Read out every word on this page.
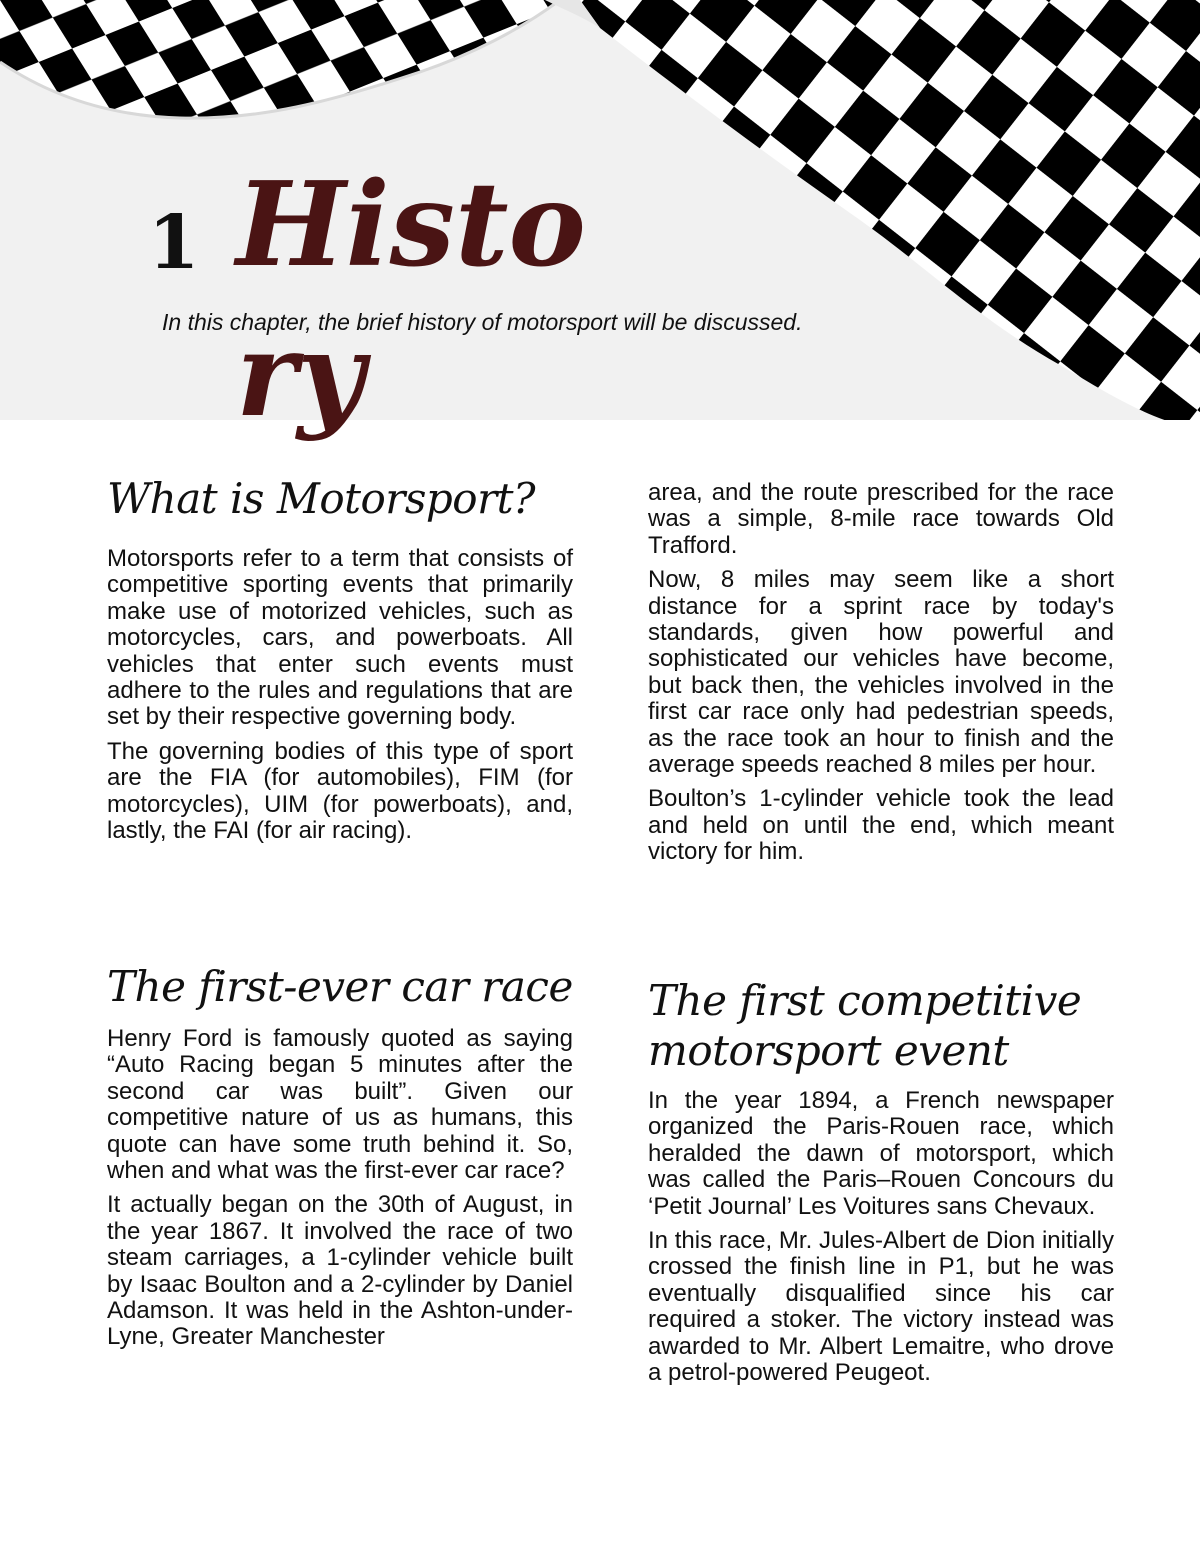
1 History
In this chapter, the brief history of motorsport will be discussed.
What is Motorsport?

Motorsports refer to a term that consists of competitive sporting events that primarily make use of motorized vehicles, such as motorcycles, cars, and powerboats. All vehicles that enter such events must adhere to the rules and regulations that are set by their respective governing body.

The governing bodies of this type of sport are the FIA (for automobiles), FIM (for motorcycles), UIM (for powerboats), and, lastly, the FAI (for air racing).

The first-ever car race

Henry Ford is famously quoted as saying “Auto Racing began 5 minutes after the second car was built”. Given our competitive nature of us as humans, this quote can have some truth behind it. So, when and what was the first-ever car race?

It actually began on the 30th of August, in the year 1867. It involved the race of two steam carriages, a 1-cylinder vehicle built by Isaac Boulton and a 2-cylinder by Daniel Adamson. It was held in the Ashton-under-Lyne, Greater Manchester

area, and the route prescribed for the race was a simple, 8-mile race towards Old Trafford.

Now, 8 miles may seem like a short distance for a sprint race by today's standards, given how powerful and sophisticated our vehicles have become, but back then, the vehicles involved in the first car race only had pedestrian speeds, as the race took an hour to finish and the average speeds reached 8 miles per hour.

Boulton’s 1-cylinder vehicle took the lead and held on until the end, which meant victory for him.

The first competitive motorsport event

In the year 1894, a French newspaper organized the Paris-Rouen race, which heralded the dawn of motorsport, which was called the Paris–Rouen Concours du ‘Petit Journal’ Les Voitures sans Chevaux.

In this race, Mr. Jules-Albert de Dion initially crossed the finish line in P1, but he was eventually disqualified since his car required a stoker. The victory instead was awarded to Mr. Albert Lemaitre, who drove a petrol-powered Peugeot.
